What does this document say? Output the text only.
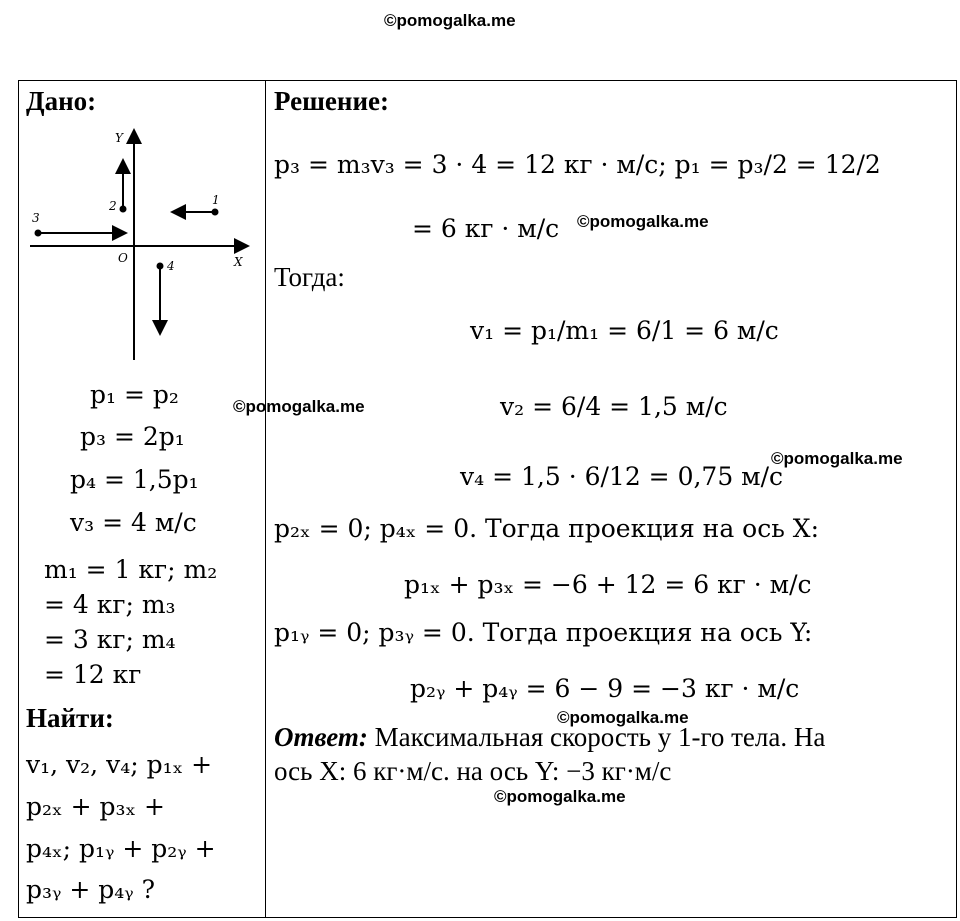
©pomogalka.me
©pomogalka.me
©pomogalka.me
©pomogalka.me
©pomogalka.me
©pomogalka.me
Дано:
Y
X
O
1
2
3
4
p₁ = p₂
p₃ = 2p₁
p₄ = 1,5p₁
v₃ = 4 м/с
m₁ = 1 кг; m₂
= 4 кг; m₃
= 3 кг; m₄
= 12 кг
Найти:
v₁, v₂, v₄; p₁ₓ +
p₂ₓ + p₃ₓ +
p₄ₓ; p₁ᵧ + p₂ᵧ +
p₃ᵧ + p₄ᵧ ?
Решение:
p₃ = m₃v₃ = 3 · 4 = 12 кг · м/с; p₁ = p₃/2 = 12/2
= 6 кг · м/с
Тогда:
v₁ = p₁/m₁ = 6/1 = 6 м/с
v₂ = 6/4 = 1,5 м/с
v₄ = 1,5 · 6/12 = 0,75 м/с
p₂ₓ = 0; p₄ₓ = 0. Тогда проекция на ось X:
p₁ₓ + p₃ₓ = −6 + 12 = 6 кг · м/с
p₁ᵧ = 0; p₃ᵧ = 0. Тогда проекция на ось Y:
p₂ᵧ + p₄ᵧ = 6 − 9 = −3 кг · м/с
Ответ: Максимальная скорость у 1-го тела. На
ось X: 6 кг·м/с. на ось Y: −3 кг·м/с
